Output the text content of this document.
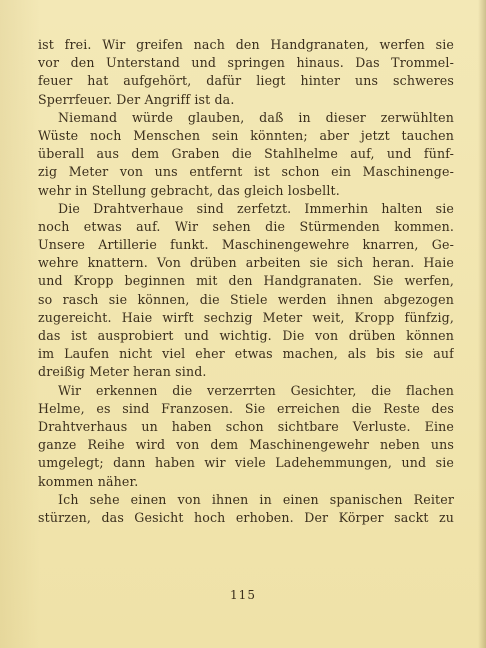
ist frei. Wir greifen nach den Handgranaten, werfen sie
vor den Unterstand und springen hinaus. Das Trommel-
feuer hat aufgehört, dafür liegt hinter uns schweres
Sperrfeuer. Der Angriff ist da.
Niemand würde glauben, daß in dieser zerwühlten
Wüste noch Menschen sein könnten; aber jetzt tauchen
überall aus dem Graben die Stahlhelme auf, und fünf-
zig Meter von uns entfernt ist schon ein Maschinenge-
wehr in Stellung gebracht, das gleich losbellt.
Die Drahtverhaue sind zerfetzt. Immerhin halten sie
noch etwas auf. Wir sehen die Stürmenden kommen.
Unsere Artillerie funkt. Maschinengewehre knarren, Ge-
wehre knattern. Von drüben arbeiten sie sich heran. Haie
und Kropp beginnen mit den Handgranaten. Sie werfen,
so rasch sie können, die Stiele werden ihnen abgezogen
zugereicht. Haie wirft sechzig Meter weit, Kropp fünfzig,
das ist ausprobiert und wichtig. Die von drüben können
im Laufen nicht viel eher etwas machen, als bis sie auf
dreißig Meter heran sind.
Wir erkennen die verzerrten Gesichter, die flachen
Helme, es sind Franzosen. Sie erreichen die Reste des
Drahtverhaus un haben schon sichtbare Verluste. Eine
ganze Reihe wird von dem Maschinengewehr neben uns
umgelegt; dann haben wir viele Ladehemmungen, und sie
kommen näher.
Ich sehe einen von ihnen in einen spanischen Reiter
stürzen, das Gesicht hoch erhoben. Der Körper sackt zu
115
